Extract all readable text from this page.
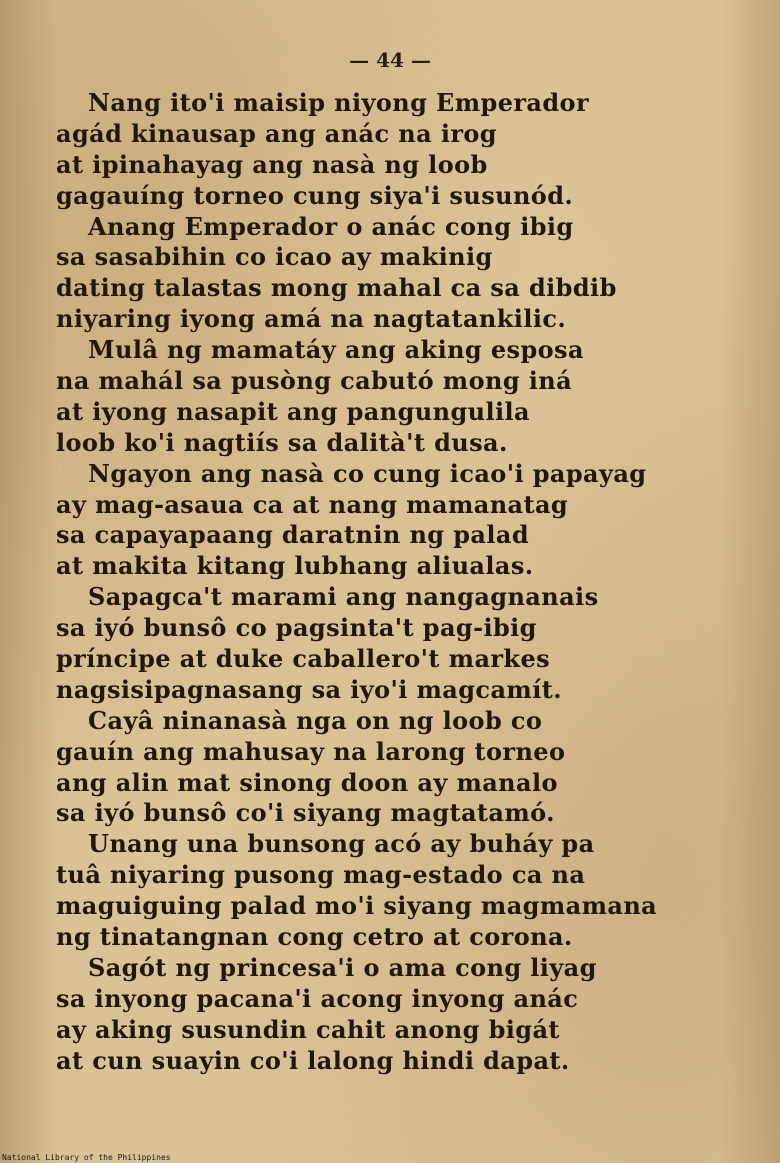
— 44 —
Nang ito'i maisip niyong Emperador
agád kinausap ang anác na irog
at ipinahayag ang nasà ng loob
gagauíng torneo cung siya'i susunód.
Anang Emperador o anác cong ibig
sa sasabihin co icao ay makinig
dating talastas mong mahal ca sa dibdib
niyaring iyong amá na nagtatankilic.
Mulâ ng mamatáy ang aking esposa
na mahál sa pusòng cabutó mong iná
at iyong nasapit ang pangungulila
loob ko'i nagtiís sa dalità't dusa.
Ngayon ang nasà co cung icao'i papayag
ay mag-asaua ca at nang mamanatag
sa capayapaang daratnin ng palad
at makita kitang lubhang aliualas.
Sapagca't marami ang nangagnanais
sa iyó bunsô co pagsinta't pag-ibig
príncipe at duke caballero't markes
nagsisipagnasang sa iyo'i magcamít.
Cayâ ninanasà nga on ng loob co
gauín ang mahusay na larong torneo
ang alin mat sinong doon ay manalo
sa iyó bunsô co'i siyang magtatamó.
Unang una bunsong acó ay buháy pa
tuâ niyaring pusong mag-estado ca na
maguiguing palad mo'i siyang magmamana
ng tinatangnan cong cetro at corona.
Sagót ng princesa'i o ama cong liyag
sa inyong pacana'i acong inyong anác
ay aking susundin cahit anong bigát
at cun suayin co'i lalong hindi dapat.
National Library of the Philippines
